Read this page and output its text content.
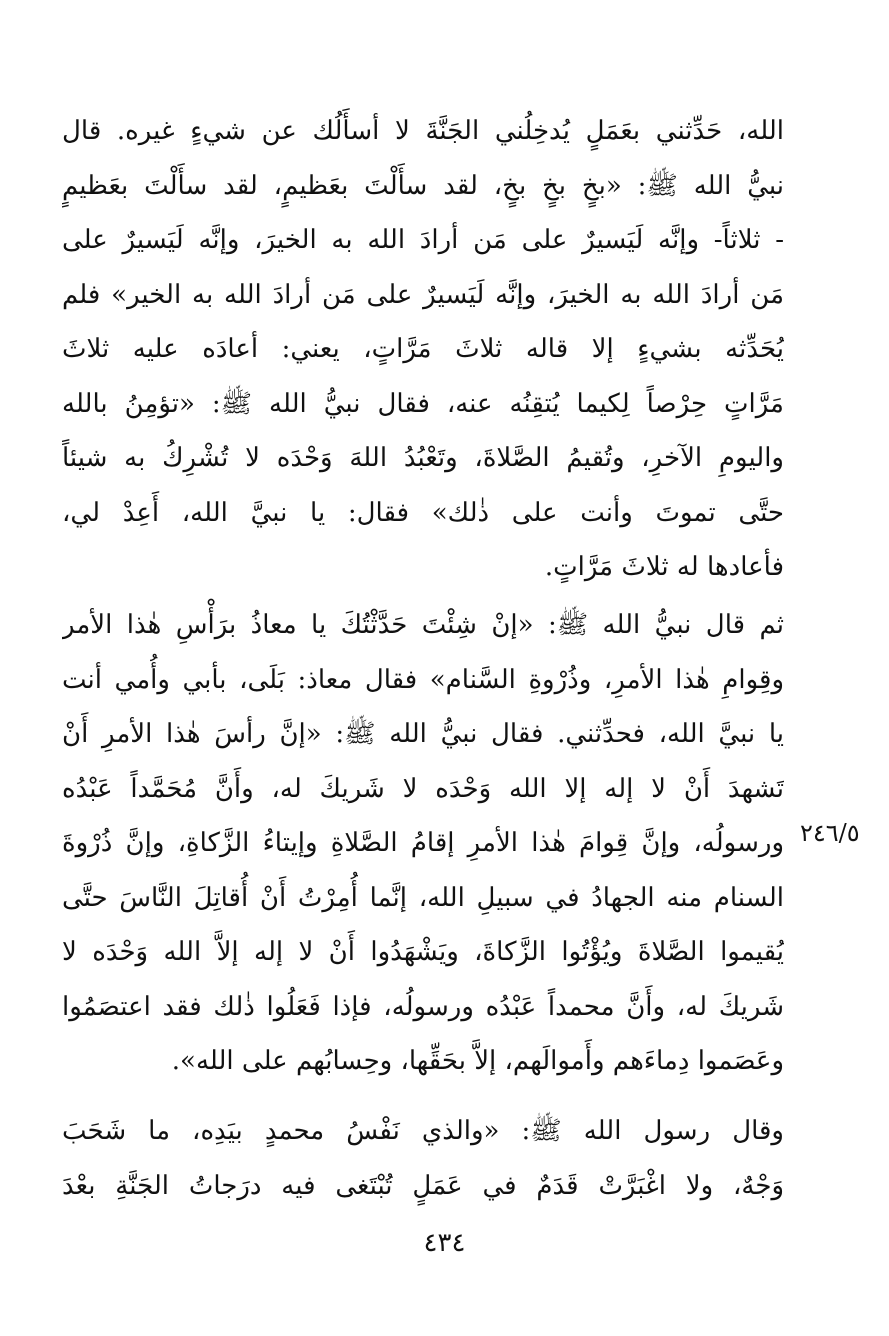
الله، حَدِّثني بعَمَلٍ يُدخِلُني الجَنَّةَ لا أسأَلُك عن شيءٍ غيره. قال
نبيُّ الله ﷺ: «بخٍ بخٍ بخٍ، لقد سأَلْتَ بعَظيمٍ، لقد سأَلْتَ بعَظيمٍ
- ثلاثاً- وإنَّه لَيَسيرٌ على مَن أرادَ الله به الخيرَ، وإنَّه لَيَسيرٌ على
مَن أرادَ الله به الخيرَ، وإنَّه لَيَسيرٌ على مَن أرادَ الله به الخير» فلم
يُحَدِّثه بشيءٍ إلا قاله ثلاثَ مَرَّاتٍ، يعني: أعادَه عليه ثلاثَ
مَرَّاتٍ حِرْصاً لِكيما يُتقِنُه عنه، فقال نبيُّ الله ﷺ: «تؤمِنُ بالله
واليومِ الآخرِ، وتُقيمُ الصَّلاةَ، وتَعْبُدُ اللهَ وَحْدَه لا تُشْرِكُ به شيئاً
حتَّى تموتَ وأنت على ذٰلك» فقال: يا نبيَّ الله، أَعِدْ لي،
فأعادها له ثلاثَ مَرَّاتٍ.
ثم قال نبيُّ الله ﷺ: «إنْ شِئْتَ حَدَّثْتُكَ يا معاذُ برَأْسِ هٰذا الأمر
وقِوامِ هٰذا الأمرِ، وذُرْوةِ السَّنام» فقال معاذ: بَلَى، بأبي وأُمي أنت
يا نبيَّ الله، فحدِّثني. فقال نبيُّ الله ﷺ: «إنَّ رأسَ هٰذا الأمرِ أَنْ
تَشهدَ أَنْ لا إله إلا الله وَحْدَه لا شَريكَ له، وأَنَّ مُحَمَّداً عَبْدُه
ورسولُه، وإنَّ قِوامَ هٰذا الأمرِ إقامُ الصَّلاةِ وإيتاءُ الزَّكاةِ، وإنَّ ذُرْوةَ
السنام منه الجهادُ في سبيلِ الله، إنَّما أُمِرْتُ أَنْ أُقاتِلَ النَّاسَ حتَّى
يُقيموا الصَّلاةَ ويُؤْتُوا الزَّكاةَ، ويَشْهَدُوا أَنْ لا إله إلاَّ الله وَحْدَه لا
شَريكَ له، وأَنَّ محمداً عَبْدُه ورسولُه، فإذا فَعَلُوا ذٰلك فقد اعتصَمُوا
وعَصَموا دِماءَهم وأَموالَهم، إلاَّ بحَقِّها، وحِسابُهم على الله».
وقال رسول الله ﷺ: «والذي نَفْسُ محمدٍ بيَدِه، ما شَحَبَ
وَجْهٌ، ولا اغْبَرَّتْ قَدَمٌ في عَمَلٍ تُبْتَغى فيه درَجاتُ الجَنَّةِ بعْدَ
٢٤٦/٥
٤٣٤
